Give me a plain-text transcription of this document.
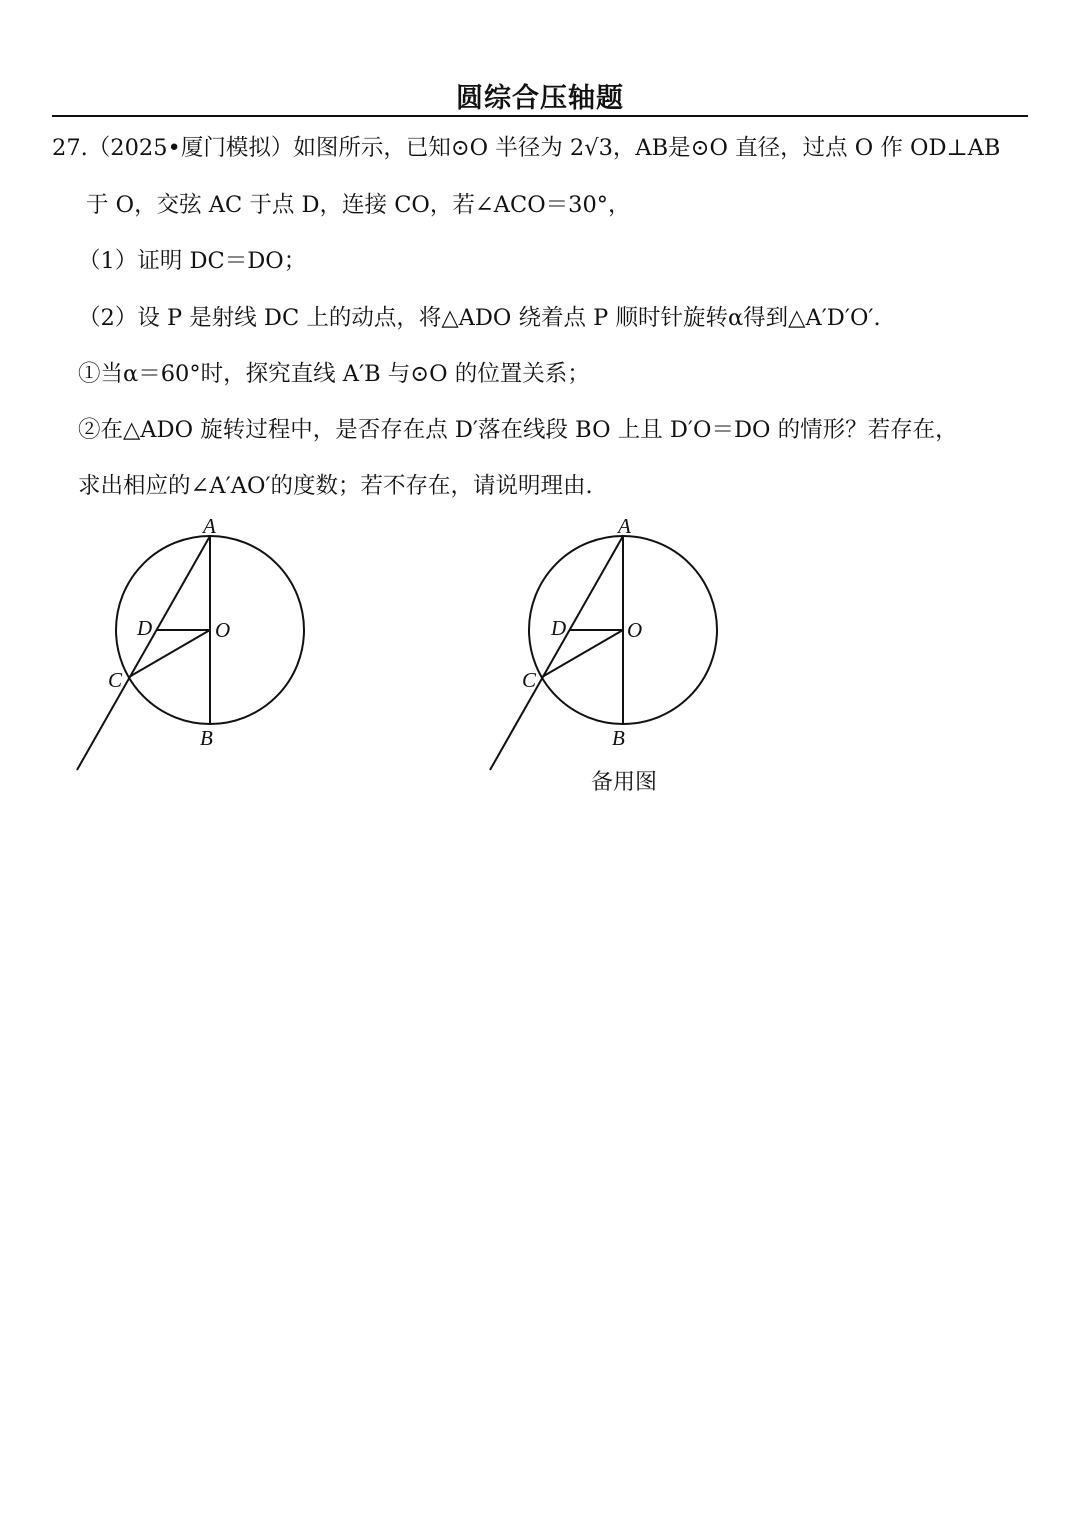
圆综合压轴题
27.（2025•厦门模拟）如图所示，已知⊙O 半径为 2√3，AB是⊙O 直径，过点 O 作 OD⊥AB
于 O，交弦 AC 于点 D，连接 CO，若∠ACO＝30°，
（1）证明 DC＝DO；
（2）设 P 是射线 DC 上的动点，将△ADO 绕着点 P 顺时针旋转α得到△A′D′O′.
①当α＝60°时，探究直线 A′B 与⊙O 的位置关系；
②在△ADO 旋转过程中，是否存在点 D′落在线段 BO 上且 D′O＝DO 的情形？若存在，
求出相应的∠A′AO′的度数；若不存在，请说明理由.
A
D	O
C
B
A
D	O
C
B
备用图
